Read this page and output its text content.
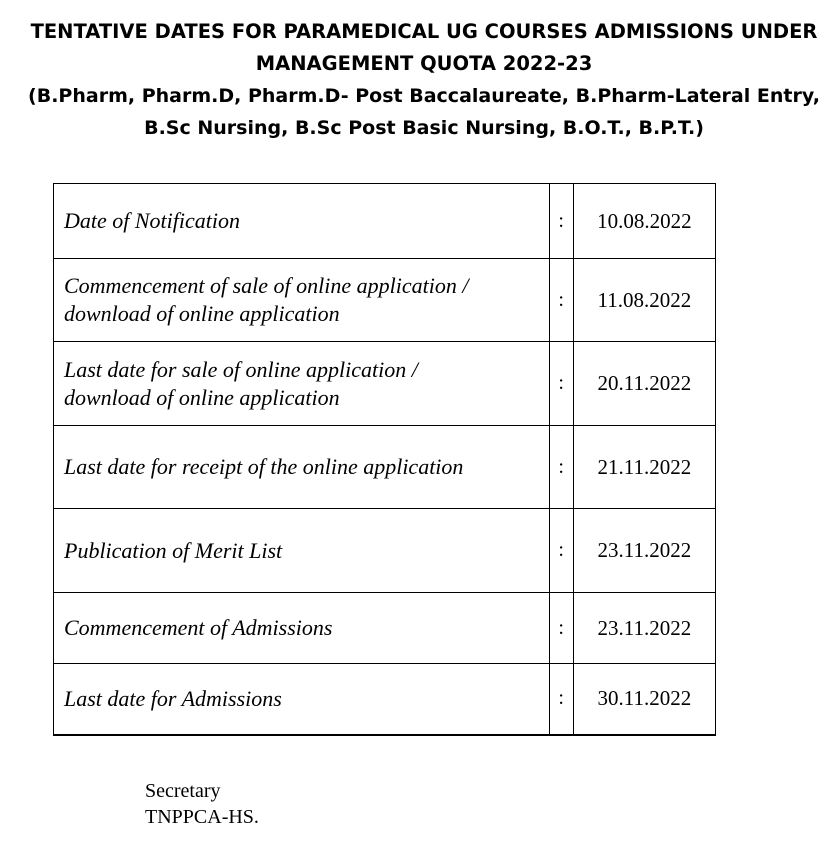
TENTATIVE DATES FOR PARAMEDICAL UG COURSES ADMISSIONS UNDER
MANAGEMENT QUOTA 2022-23
(B.Pharm, Pharm.D, Pharm.D- Post Baccalaureate, B.Pharm-Lateral Entry,
B.Sc Nursing, B.Sc Post Basic Nursing, B.O.T., B.P.T.)
Date of Notification	:	10.08.2022
Commencement of sale of online application /
download of online application	:	11.08.2022
Last date for sale of online application /
download of online application	:	20.11.2022
Last date for receipt of the online application	:	21.11.2022
Publication of Merit List	:	23.11.2022
Commencement of Admissions	:	23.11.2022
Last date for Admissions	:	30.11.2022
Secretary
TNPPCA-HS.
